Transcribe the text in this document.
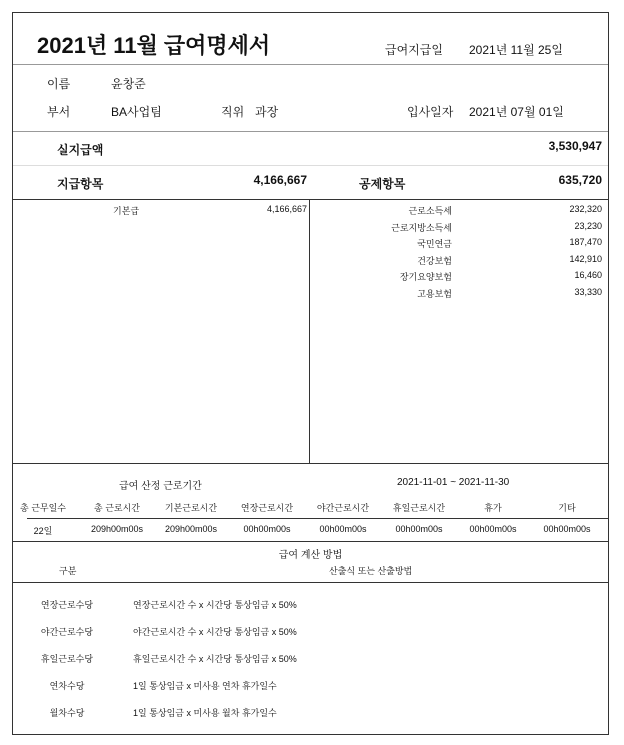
2021년 11월 급여명세서	급여지급일 2021년 11월 25일
이름	윤창준
부서	BA사업팀	직위 과장	입사일자 2021년 07월 01일
실지급액	3,530,947
지급항목	4,166,667	공제항목	635,720
기본급	4,166,667	근로소득세	232,320
근로지방소득세	23,230
국민연금	187,470
건강보험	142,910
장기요양보험	16,460
고용보험	33,330
급여 산정 근로기간	2021-11-01 ~ 2021-11-30
총 근무일수	총 근로시간	기본근로시간	연장근로시간	야간근로시간	휴일근로시간	휴가	기타
22일	209h00m00s	209h00m00s	00h00m00s	00h00m00s	00h00m00s	00h00m00s	00h00m00s
급여 계산 방법
구분	산출식 또는 산출방법
연장근로수당	연장근로시간 수 x 시간당 통상임금 x 50%
야간근로수당	야간근로시간 수 x 시간당 통상임금 x 50%
휴일근로수당	휴일근로시간 수 x 시간당 통상임금 x 50%
연차수당	1일 통상임금 x 미사용 연차 휴가일수
월차수당	1일 통상임금 x 미사용 월차 휴가일수
